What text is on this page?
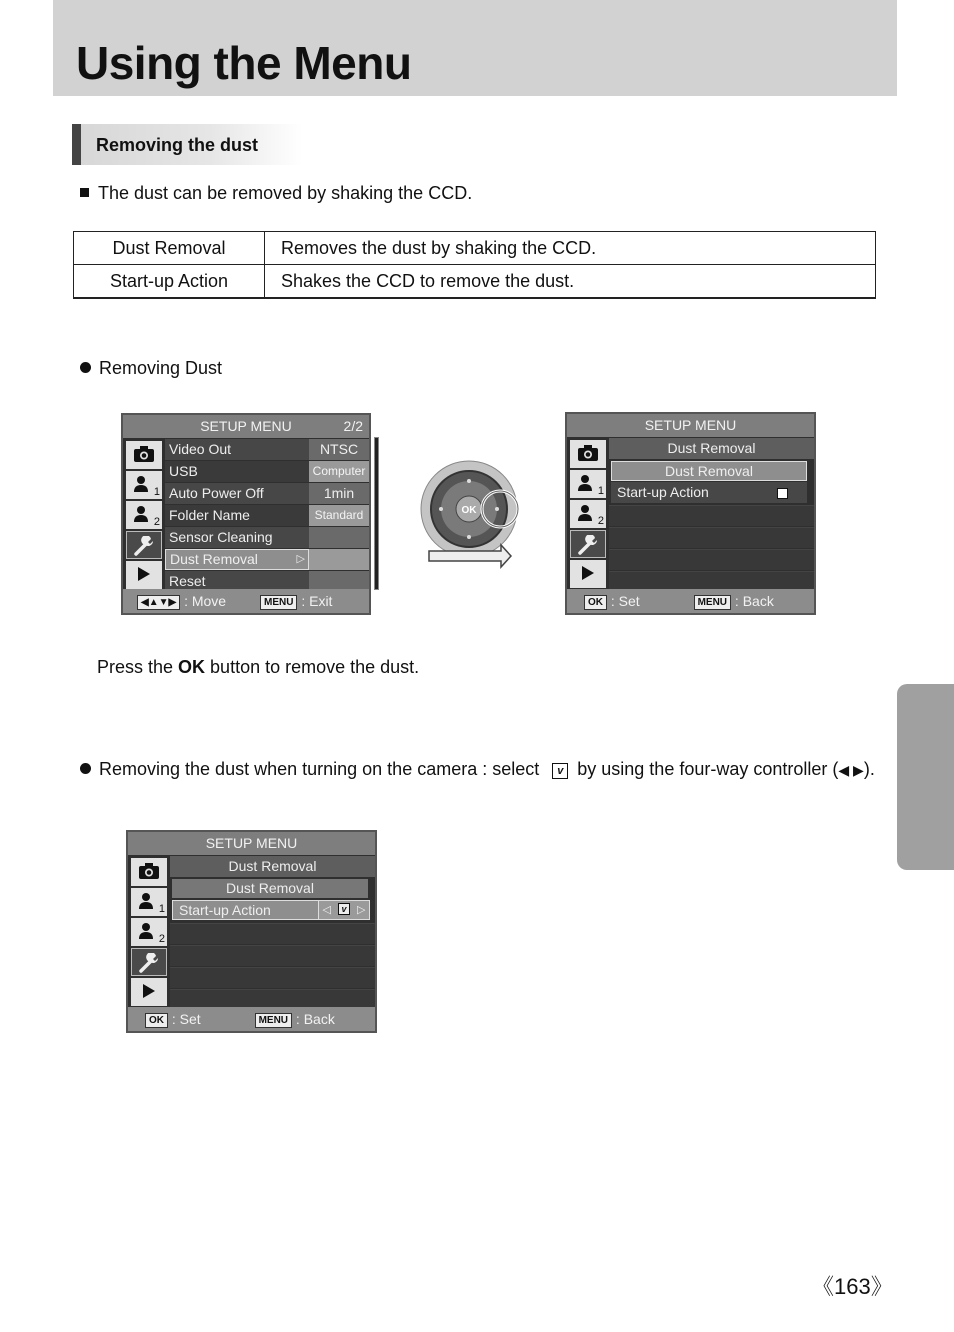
Using the Menu
Removing the dust
The dust can be removed by shaking the CCD.
Dust Removal	Removes the dust by shaking the CCD.
Start-up Action	Shakes the CCD to remove the dust.
Removing Dust
SETUP MENU	2/2
1
2
Video Out	NTSC
USB	Computer
Auto Power Off	1min
Folder Name	Standard
Sensor Cleaning
Dust Removal	▷
Reset
◀▲▼▶ : Move	MENU : Exit
OK
SETUP MENU
1
2
Dust Removal
Dust Removal
Start-up Action
OK : Set	MENU : Back
Press the OK button to remove the dust.
Removing the dust when turning on the camera : select v by using the four-way controller (◀ ▶).
SETUP MENU
1
2
Dust Removal
Dust Removal
Start-up Action	◁ v ▷
OK : Set	MENU : Back
《163》
